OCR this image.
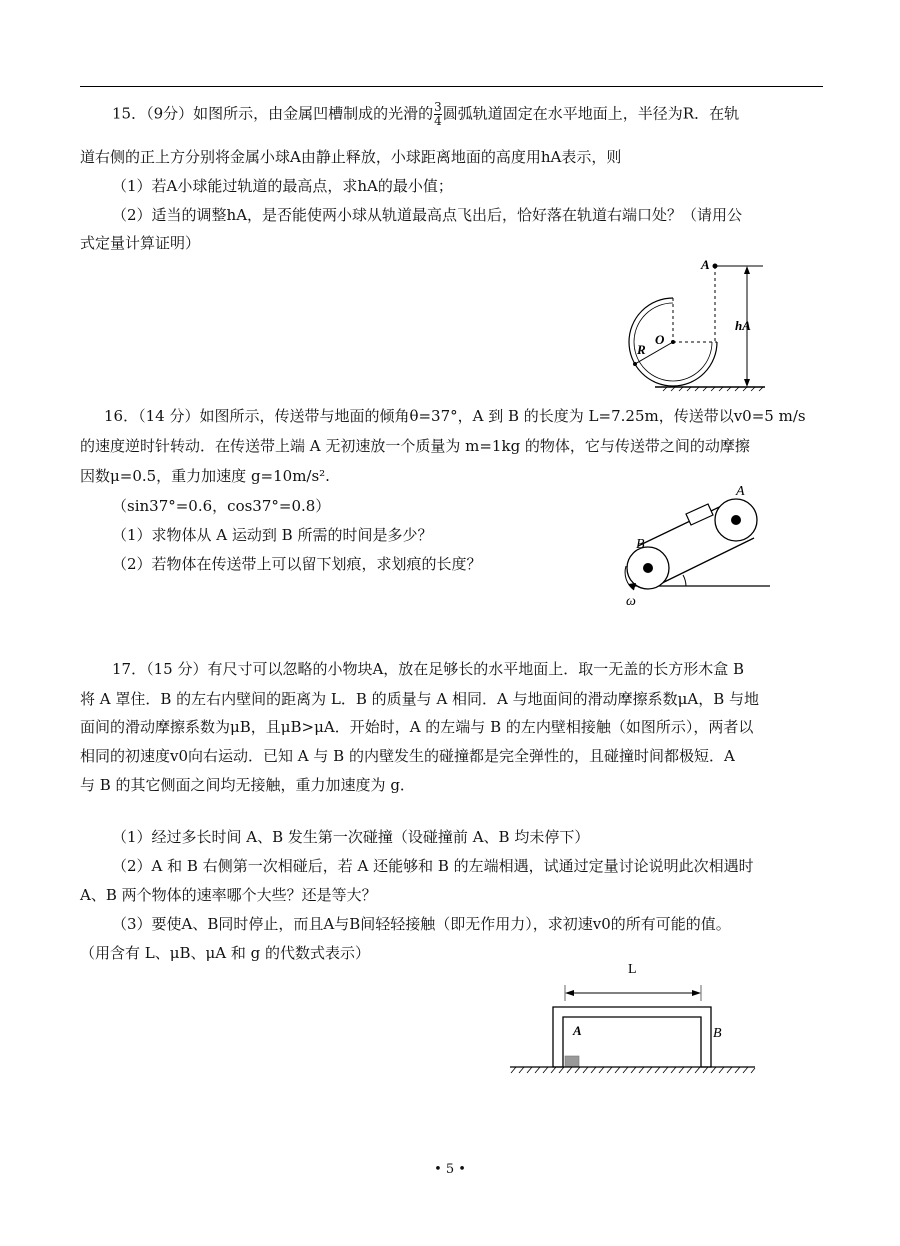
15．（9分）如图所示，由金属凹槽制成的光滑的 $\frac{3}{4}$ 圆弧轨道固定在水平地面上，半径为R．在轨
道右侧的正上方分别将金属小球A由静止释放，小球距离地面的高度用hA表示，则
（1）若A小球能过轨道的最高点，求hA的最小值；
（2）适当的调整hA，是否能使两小球从轨道最高点飞出后，恰好落在轨道右端口处？（请用公
式定量计算证明）
A
O
R
hA
16．（14 分）如图所示，传送带与地面的倾角θ=37°，A 到 B 的长度为 L=7.25m，传送带以v0=5 m/s
的速度逆时针转动．在传送带上端 A 无初速放一个质量为 m=1kg 的物体，它与传送带之间的动摩擦
因数μ=0.5，重力加速度 g=10m/s².
（sin37°=0.6，cos37°=0.8）
（1）求物体从 A 运动到 B 所需的时间是多少？
（2）若物体在传送带上可以留下划痕，求划痕的长度？
A
B
ω
17．（15 分）有尺寸可以忽略的小物块A，放在足够长的水平地面上．取一无盖的长方形木盒 B
将 A 罩住．B 的左右内壁间的距离为 L．B 的质量与 A 相同．A 与地面间的滑动摩擦系数μA，B 与地
面间的滑动摩擦系数为μB，且μB>μA．开始时，A 的左端与 B 的左内壁相接触（如图所示），两者以
相同的初速度v0向右运动．已知 A 与 B 的内壁发生的碰撞都是完全弹性的，且碰撞时间都极短．A
与 B 的其它侧面之间均无接触，重力加速度为 g．
（1）经过多长时间 A、B 发生第一次碰撞（设碰撞前 A、B 均未停下）
（2）A 和 B 右侧第一次相碰后，若 A 还能够和 B 的左端相遇，试通过定量讨论说明此次相遇时
A、B 两个物体的速率哪个大些？还是等大？
（3）要使A、B同时停止，而且A与B间轻轻接触（即无作用力），求初速v0的所有可能的值。
（用含有 L、μB、μA 和 g 的代数式表示）
L
A	B
• 5 •
